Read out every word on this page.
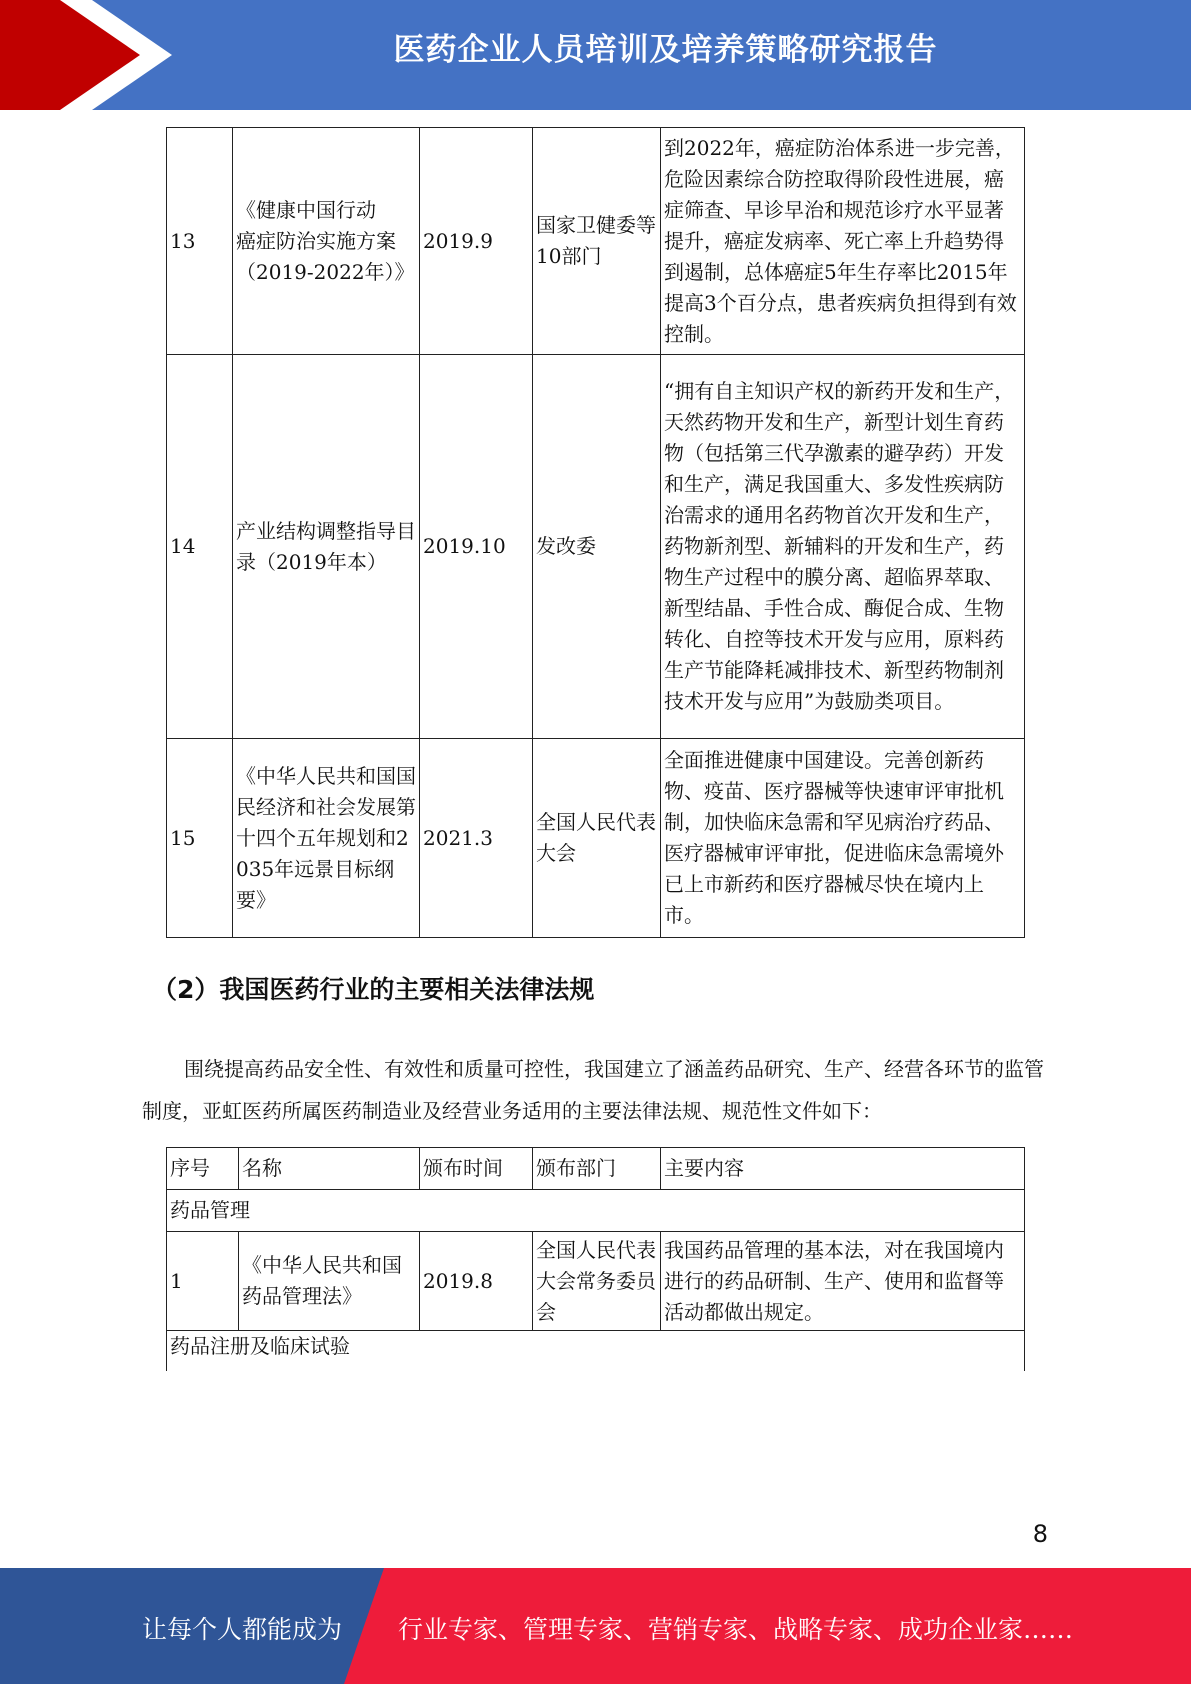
医药企业人员培训及培养策略研究报告
13	《健康中国行动　　癌症防治实施方案（2019-2022年）》	2019.9	国家卫健委等10部门	到2022年，癌症防治体系进一步完善，危险因素综合防控取得阶段性进展，癌症筛查、早诊早治和规范诊疗水平显著提升，癌症发病率、死亡率上升趋势得到遏制，总体癌症5年生存率比2015年提高3个百分点，患者疾病负担得到有效控制。
14	产业结构调整指导目录（2019年本）	2019.10	发改委	“拥有自主知识产权的新药开发和生产，天然药物开发和生产，新型计划生育药物（包括第三代孕激素的避孕药）开发和生产，满足我国重大、多发性疾病防治需求的通用名药物首次开发和生产，药物新剂型、新辅料的开发和生产，药物生产过程中的膜分离、超临界萃取、新型结晶、手性合成、酶促合成、生物转化、自控等技术开发与应用，原料药生产节能降耗减排技术、新型药物制剂技术开发与应用”为鼓励类项目。
15	《中华人民共和国国民经济和社会发展第十四个五年规划和2035年远景目标纲要》	2021.3	全国人民代表大会	全面推进健康中国建设。完善创新药物、疫苗、医疗器械等快速审评审批机制，加快临床急需和罕见病治疗药品、医疗器械审评审批，促进临床急需境外已上市新药和医疗器械尽快在境内上市。
（2）我国医药行业的主要相关法律法规
围绕提高药品安全性、有效性和质量可控性，我国建立了涵盖药品研究、生产、经营各环节的监管制度，亚虹医药所属医药制造业及经营业务适用的主要法律法规、规范性文件如下：
序号	名称	颁布时间	颁布部门	主要内容
药品管理				
1	《中华人民共和国药品管理法》	2019.8	全国人民代表大会常务委员会	我国药品管理的基本法，对在我国境内进行的药品研制、生产、使用和监督等活动都做出规定。
药品注册及临床试验				
8
让每个人都能成为 行业专家、管理专家、营销专家、战略专家、成功企业家……
